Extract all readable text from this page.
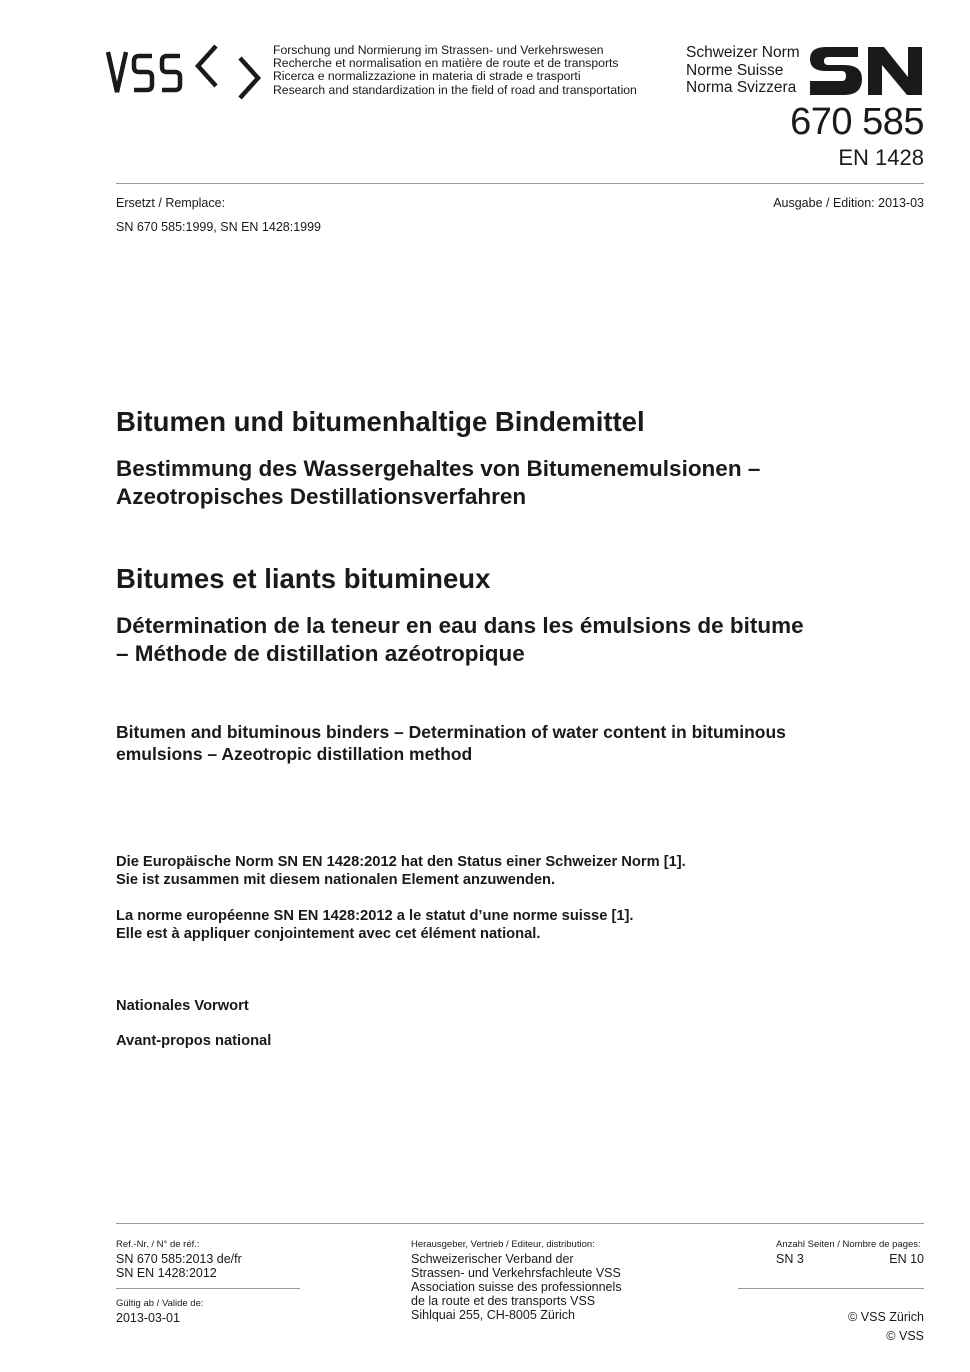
VSS
Forschung und Normierung im Strassen- und Verkehrswesen
Recherche et normalisation en matière de route et de transports
Ricerca e normalizzazione in materia di strade e trasporti
Research and standardization in the field of road and transportation
Schweizer Norm
Norme Suisse
Norma Svizzera
SN
670 585
EN 1428
Ersetzt / Remplace:
SN 670 585:1999, SN EN 1428:1999
Ausgabe / Edition: 2013-03
Bitumen und bitumenhaltige Bindemittel
Bestimmung des Wassergehaltes von Bitumenemulsionen –
Azeotropisches Destillationsverfahren
Bitumes et liants bitumineux
Détermination de la teneur en eau dans les émulsions de bitume
– Méthode de distillation azéotropique
Bitumen and bituminous binders – Determination of water content in bituminous
emulsions – Azeotropic distillation method
Die Europäische Norm SN EN 1428:2012 hat den Status einer Schweizer Norm [1].
Sie ist zusammen mit diesem nationalen Element anzuwenden.
La norme européenne SN EN 1428:2012 a le statut d’une norme suisse [1].
Elle est à appliquer conjointement avec cet élément national.
Nationales Vorwort
Avant-propos national
Ref.-Nr. / N° de réf.:
SN 670 585:2013 de/fr
SN EN 1428:2012
Gültig ab / Valide de:
2013-03-01
Herausgeber, Vertrieb / Editeur, distribution:
Schweizerischer Verband der
Strassen- und Verkehrsfachleute VSS
Association suisse des professionnels
de la route et des transports VSS
Sihlquai 255, CH-8005 Zürich
Anzahl Seiten / Nombre de pages:
SN 3	EN 10
© VSS Zürich
© VSS
